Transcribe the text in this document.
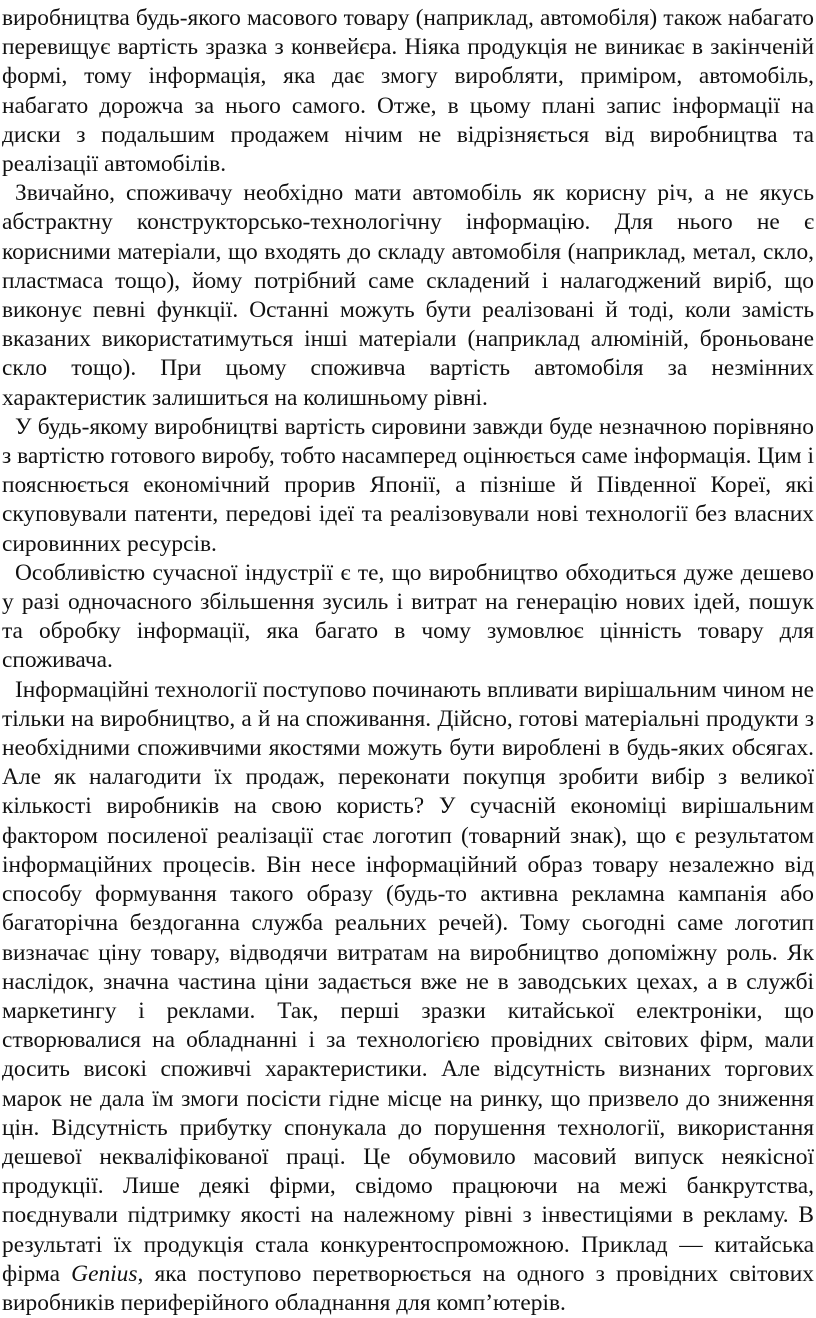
виробництва будь-якого масового товару (наприклад, автомобіля) також набагато перевищує вартість зразка з конвейєра. Ніяка продукція не виникає в закінченій формі, тому інформація, яка дає змогу виробляти, приміром, автомобіль, набагато дорожча за нього самого. Отже, в цьому плані запис інформації на диски з подальшим продажем нічим не відрізняється від виробництва та реалізації автомобілів.

Звичайно, споживачу необхідно мати автомобіль як корисну річ, а не якусь абстрактну конструкторсько-технологічну інформацію. Для нього не є корисними матеріали, що входять до складу автомобіля (наприклад, метал, скло, пластмаса тощо), йому потрібний саме складений і налагоджений виріб, що виконує певні функції. Останні можуть бути реалізовані й тоді, коли замість вказаних використатимуться інші матеріали (наприклад алюміній, броньоване скло тощо). При цьому споживча вартість автомобіля за незмінних характеристик залишиться на колишньому рівні.

У будь-якому виробництві вартість сировини завжди буде незначною порівняно з вартістю готового виробу, тобто насамперед оцінюється саме інформація. Цим і пояснюється економічний прорив Японії, а пізніше й Південної Кореї, які скуповували патенти, передові ідеї та реалізовували нові технології без власних сировинних ресурсів.

Особливістю сучасної індустрії є те, що виробництво обходиться дуже дешево у разі одночасного збільшення зусиль і витрат на генерацію нових ідей, пошук та обробку інформації, яка багато в чому зумовлює цінність товару для споживача.

Інформаційні технології поступово починають впливати вирішальним чином не тільки на виробництво, а й на споживання. Дійсно, готові матеріальні продукти з необхідними споживчими якостями можуть бути вироблені в будь-яких обсягах. Але як налагодити їх продаж, переконати покупця зробити вибір з великої кількості виробників на свою користь? У сучасній економіці вирішальним фактором посиленої реалізації стає логотип (товарний знак), що є результатом інформаційних процесів. Він несе інформаційний образ товару незалежно від способу формування такого образу (будь-то активна рекламна кампанія або багаторічна бездоганна служба реальних речей). Тому сьогодні саме логотип визначає ціну товару, відводячи витратам на виробництво допоміжну роль. Як наслідок, значна частина ціни задається вже не в заводських цехах, а в службі маркетингу і реклами. Так, перші зразки китайської електроніки, що створювалися на обладнанні і за технологією провідних світових фірм, мали досить високі споживчі характеристики. Але відсутність визнаних торгових марок не дала їм змоги посісти гідне місце на ринку, що призвело до зниження цін. Відсутність прибутку спонукала до порушення технології, використання дешевої некваліфікованої праці. Це обумовило масовий випуск неякісної продукції. Лише деякі фірми, свідомо працюючи на межі банкрутства, поєднували підтримку якості на належному рівні з інвестиціями в рекламу. В результаті їх продукція стала конкурентоспроможною. Приклад — китайська фірма Genius, яка поступово перетворюється на одного з провідних світових виробників периферійного обладнання для комп’ютерів.
